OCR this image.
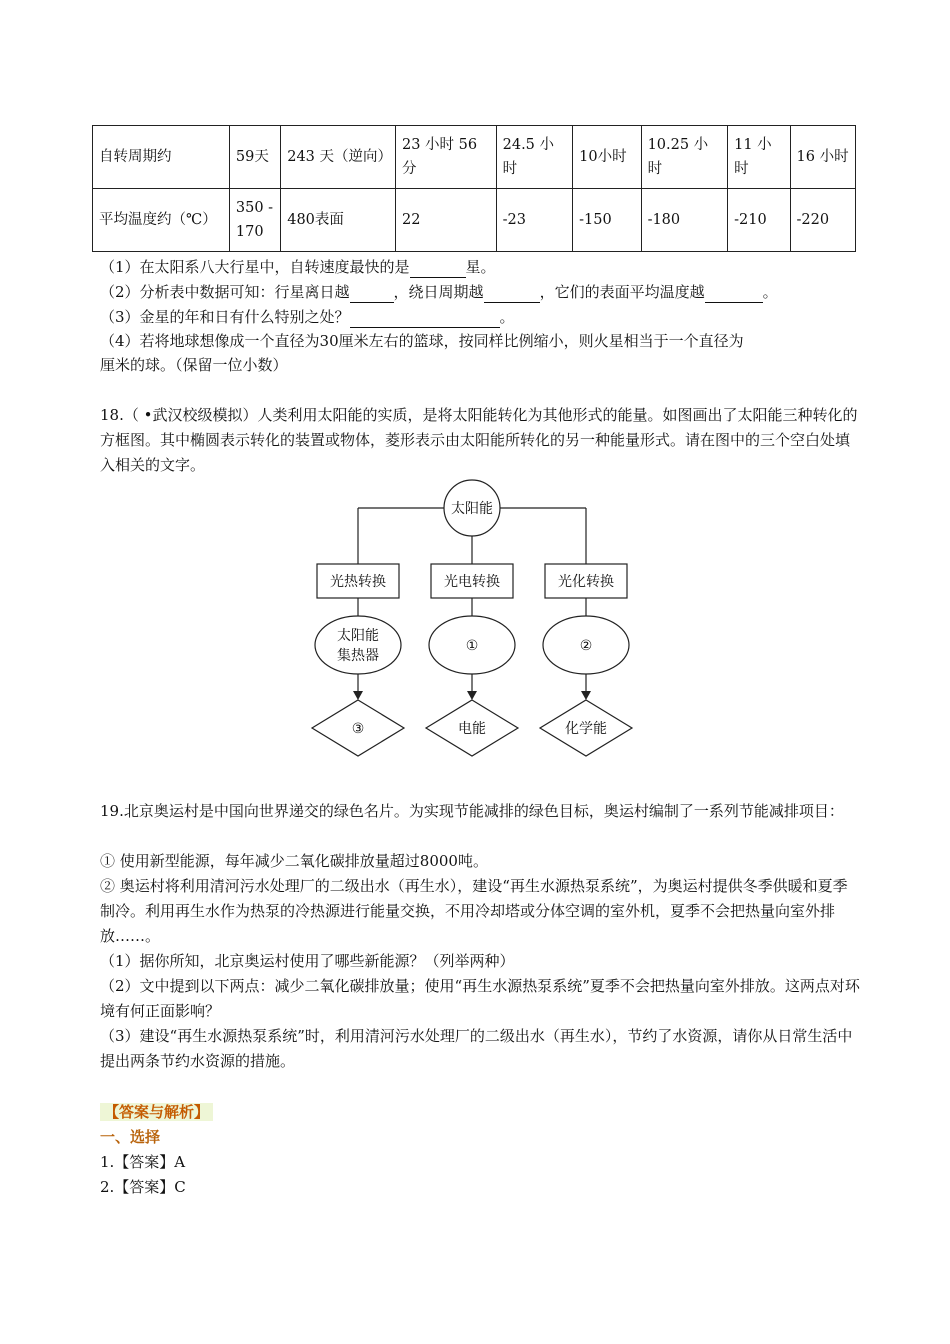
自转周期约	59天	243 天（逆向）	23 小时 56分	24.5 小时	10小时	10.25 小时	11 小时	16 小时
平均温度约（℃）	350 -170	480表面	22	-23	-150	-180	-210	-220
（1）在太阳系八大行星中，自转速度最快的是	星。
（2）分析表中数据可知：行星离日越	，绕日周期越	，它们的表面平均温度越	。
（3）金星的年和日有什么特别之处？	。
（4）若将地球想像成一个直径为30厘米左右的篮球，按同样比例缩小，则火星相当于一个直径为
厘米的球。（保留一位小数）
18.（ •武汉校级模拟）人类利用太阳能的实质，是将太阳能转化为其他形式的能量。如图画出了太阳能三种转化的方框图。其中椭圆表示转化的装置或物体，菱形表示由太阳能所转化的另一种能量形式。请在图中的三个空白处填入相关的文字。
太阳能
光热转换	光电转换	光化转换
太阳能
集热器
①	②
③	电能	化学能
19.北京奥运村是中国向世界递交的绿色名片。为实现节能减排的绿色目标，奥运村编制了一系列节能减排项目：
① 使用新型能源，每年减少二氧化碳排放量超过8000吨。
② 奥运村将利用清河污水处理厂的二级出水（再生水），建设“再生水源热泵系统”，为奥运村提供冬季供暖和夏季制冷。利用再生水作为热泵的冷热源进行能量交换，不用冷却塔或分体空调的室外机，夏季不会把热量向室外排放……。
（1）据你所知，北京奥运村使用了哪些新能源？（列举两种）
（2）文中提到以下两点：减少二氧化碳排放量；使用“再生水源热泵系统”夏季不会把热量向室外排放。这两点对环境有何正面影响？
（3）建设“再生水源热泵系统”时，利用清河污水处理厂的二级出水（再生水），节约了水资源，请你从日常生活中提出两条节约水资源的措施。
【答案与解析】
一、选择
1.【答案】A
2.【答案】C
